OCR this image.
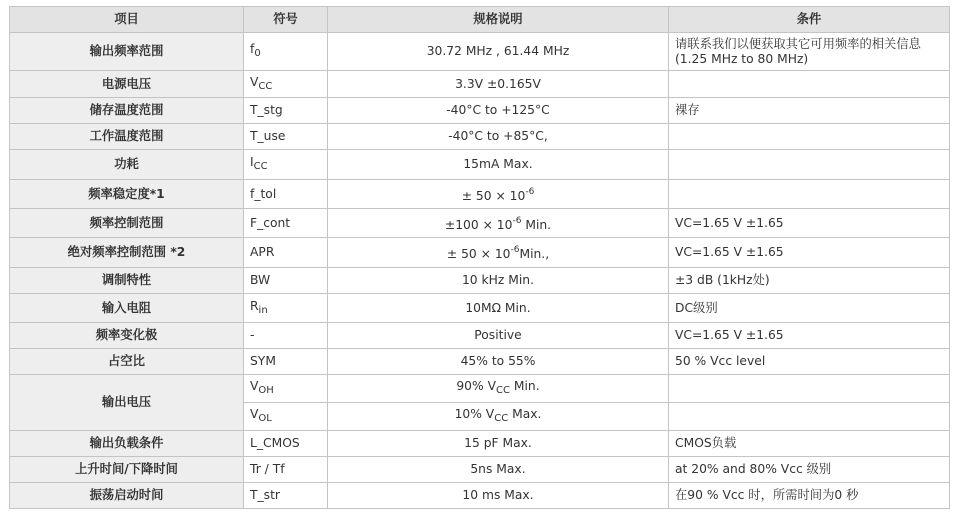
项目	符号	规格说明	条件
输出频率范围	$f_0$	30.72 MHz , 61.44 MHz	请联系我们以便获取其它可用频率的相关信息
(1.25 MHz to 80 MHz)

电源电压	$V_{CC}$	3.3V ±0.165V	
储存温度范围	T_stg	-40°C to +125°C	裸存
工作温度范围	T_use	-40°C to +85°C,	
功耗	$I_{CC}$	15mA Max.	
频率稳定度*1	f_tol	± $50 \times 10^{-6}$	
频率控制范围	F_cont	$\pm 100 \times 10^{-6}$ Min.	VC=1.65 V ±1.65
绝对频率控制范围 *2	APR	± $50 \times 10^{-6}Min$.,	VC=1.65 V ±1.65
调制特性	BW	10 kHz Min.	±3 dB (1kHz处)
输入电阻	$R_{in}$	10MΩ Min.	DC级别
频率变化极	-	Positive	VC=1.65 V ±1.65
占空比	SYM	45% to 55%	50 % Vcc level
输出电压	$V_{OH}$	90% $V_{CC}$ Min.	
	$V_{OL}$	10% $V_{CC}$ Max.	
输出负载条件	L_CMOS	15 pF Max.	CMOS负载
上升时间/下降时间	Tr / Tf	5ns Max.	at 20% and 80% Vcc 级别
振荡启动时间	T_str	10 ms Max.	在90 % Vcc 时，所需时间为0 秒
